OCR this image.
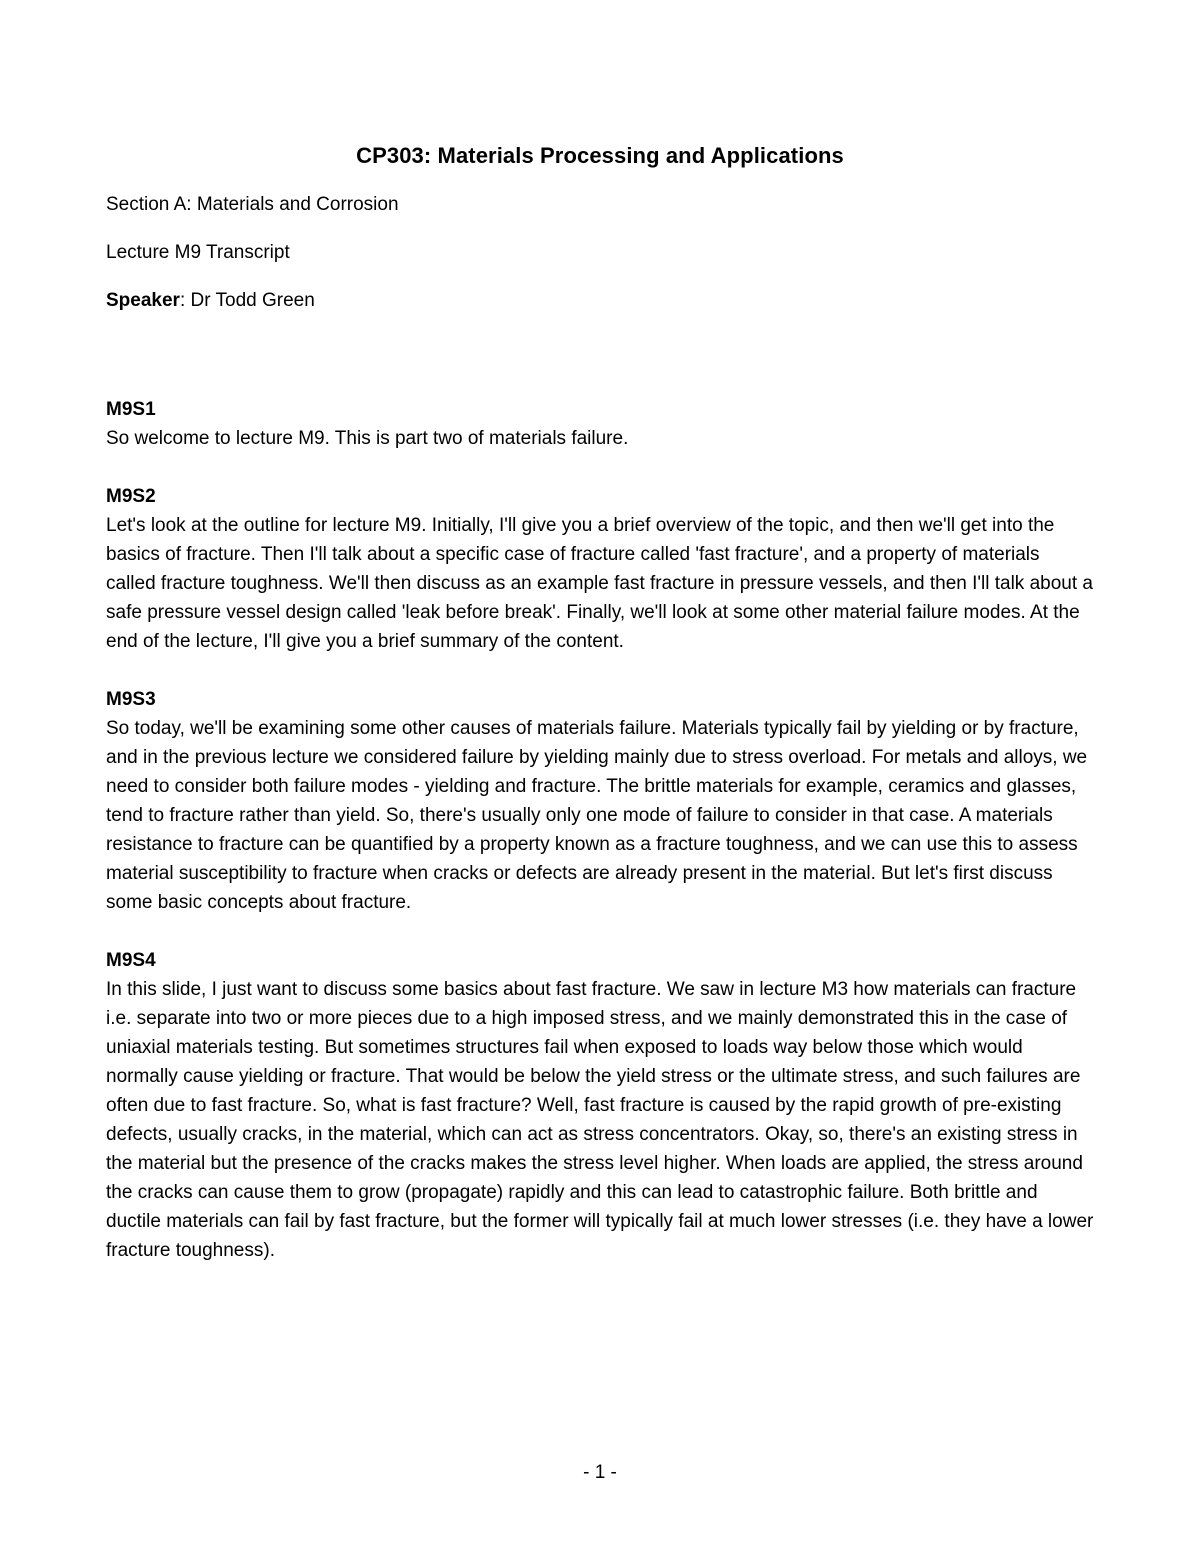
CP303: Materials Processing and Applications
Section A: Materials and Corrosion
Lecture M9 Transcript
Speaker: Dr Todd Green

M9S1

So welcome to lecture M9. This is part two of materials failure.

M9S2

Let's look at the outline for lecture M9. Initially, I'll give you a brief overview of the topic, and then we'll get into the basics of fracture. Then I'll talk about a specific case of fracture called 'fast fracture', and a property of materials called fracture toughness. We'll then discuss as an example fast fracture in pressure vessels, and then I'll talk about a safe pressure vessel design called 'leak before break'. Finally, we'll look at some other material failure modes. At the end of the lecture, I'll give you a brief summary of the content.

M9S3

So today, we'll be examining some other causes of materials failure. Materials typically fail by yielding or by fracture, and in the previous lecture we considered failure by yielding mainly due to stress overload. For metals and alloys, we need to consider both failure modes - yielding and fracture. The brittle materials for example, ceramics and glasses, tend to fracture rather than yield. So, there's usually only one mode of failure to consider in that case. A materials resistance to fracture can be quantified by a property known as a fracture toughness, and we can use this to assess material susceptibility to fracture when cracks or defects are already present in the material. But let's first discuss some basic concepts about fracture.

M9S4

In this slide, I just want to discuss some basics about fast fracture. We saw in lecture M3 how materials can fracture i.e. separate into two or more pieces due to a high imposed stress, and we mainly demonstrated this in the case of uniaxial materials testing. But sometimes structures fail when exposed to loads way below those which would normally cause yielding or fracture. That would be below the yield stress or the ultimate stress, and such failures are often due to fast fracture. So, what is fast fracture? Well, fast fracture is caused by the rapid growth of pre-existing defects, usually cracks, in the material, which can act as stress concentrators. Okay, so, there's an existing stress in the material but the presence of the cracks makes the stress level higher. When loads are applied, the stress around the cracks can cause them to grow (propagate) rapidly and this can lead to catastrophic failure. Both brittle and ductile materials can fail by fast fracture, but the former will typically fail at much lower stresses (i.e. they have a lower fracture toughness).

- 1 -
